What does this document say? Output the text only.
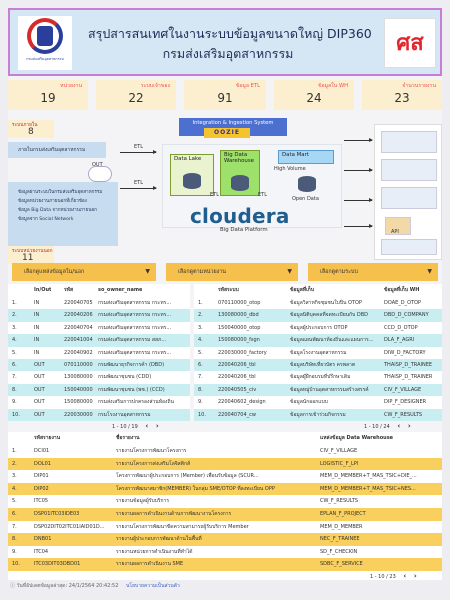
กรมส่งเสริมอุตสาหกรรม
สรุปสารสนเทศในงานระบบข้อมูลขนาดใหญ่ DIP360
กรมส่งเสริมอุตสาหกรรม	ศส
หน่วยงาน
19
ระบบเจ้าของ
22
ข้อมูล ETL
91
ข้อมูลใน WH
24
จำนวนรายงาน
23
ระบบภายใน
8
ภายในกรมส่งเสริมอุตสาหกรรม
OUT
ข้อมูลผ่านระบบในกรมส่งเสริมอุตสาหกรรม
ข้อมูลหน่วยงานภายนอกที่เกี่ยวข้อง
ข้อมูล Big Data จากหน่วยงานภายนอก
ข้อมูลจาก Social Network
ระบบหน่วยงานนอก
11
ETL
ETL
Integration & Ingestion System
OOZIE
Data Lake
Big Data Warehouse
Data Mart
High Volume
Open Data
ETL	ETL
cloudera
Big Data Platform	API
เลือกดูแหล่งข้อมูลใน/นอก	▼	เลือกดูตามหน่วยงาน	▼	เลือกดูตามระบบ	▼
In/Out	รหัส	so_owner_name
1.	IN	220040705	กรมส่งเสริมอุตสาหกรรม กระทร...
2.	IN	220040206	กรมส่งเสริมอุตสาหกรรม กระทร...
3.	IN	220040704	กรมส่งเสริมอุตสาหกรรม กระทร...
4.	IN	220041004	กรมส่งเสริมอุตสาหกรรม สสภ...
5.	IN	220040902	กรมส่งเสริมอุตสาหกรรม กระทร...
6.	OUT	070110000	กรมพัฒนาธุรกิจการค้า (DBD)
7.	OUT	130080000	กรมพัฒนาชุมชน (CDD)
8.	OUT	150040000	กรมพัฒนาชุมชน (พช.) (CCD)
9.	OUT	150080000	กรมส่งเสริมการปกครองส่วนท้องถิ่น
10.	OUT	220030000	กรมโรงงานอุตสาหกรรม
1 - 10 / 19 ‹ ›
รหัสระบบ	ข้อมูลที่เก็บ	ข้อมูลที่เก็บ WH
1.	070110000_otop	ข้อมูลวิสาหกิจชุมชนใบปิ่น OTOP	DOAE_D_OTOP
2.	130080000_dbd	ข้อมูลนิติบุคคลที่จดทะเบียนกับ DBD	DBD_D_COMPANY
3.	150040000_otop	ข้อมูลผู้ประกอบการ OTOP	CCD_D_OTOP
4.	150080000_fsgn	ข้อมูลแผนพัฒนาท้องถิ่นและแผนการ...	DLA_F_AGRI
5.	220030000_factory	ข้อมูลโรงงานอุตสาหกรรม	DIW_D_FACTORY
6.	220040206_tbl	ข้อมูลบริษัทเที่ยวบัตร ครพลาต	THAISP_D_TRAINEE
7.	220040206_tbl	ข้อมูลผู้ฝึกอบรมที่ปรึกษาเดิม	THAISP_D_TRAINER
8.	220040505_civ	ข้อมูลหมู่บ้านอุตสาหกรรมสร้างสรรค์	CIV_F_VILLAGE
9.	220040602_design	ข้อมูลนักออกแบบ	DIP_F_DESIGNER
10.	220040704_cw	ข้อมูลการเข้าร่วมกิจกรรม	CW_F_RESULTS
1 - 10 / 24 ‹ ›
รหัสรายงาน	ชื่อรายงาน	แหล่งข้อมูล Data Warehouse
1.	DCI01	รายงานโครงการพัฒนาโครงการ	CIV_F_VILLAGE
2.	DOL01	รายงานโครงการส่งเสริมโลจิสติกส์	LOGISTIC_F_LPI
3.	DIP01	โครงการพัฒนาผู้ประกอบการ (Member) เพื่อนรับข้อมูล (SCUR...	MEM_D_MEMBER+T_MAS_TSIC+DIE_...
4.	DIP02	โครงการพัฒนาสมาชิก(MEMBER) ในกลุ่ม SME/OTOP ที่ลงทะเบียน OPP	MEM_D_MEMBER+T_MAS_TSIC+NES...
5.	ITC05	รายงานข้อมูลผู้รับบริการ	CW_F_RESULTS
6.	DSP01ITC03IDE03	รายงานผลการดำเนินงานด้านการพัฒนางานโครงการ	EPLAN_F_PROJECT
7.	DSP02DIT02ITC01IAID01D...	รายงานโครงการพัฒนาขีดความสามารถผู้รับบริการ Member	MEM_D_MEMBER
8.	DNB01	รายงานผู้ประกอบการพัฒนาด้านในพื้นที่	NEC_F_TRAINEE
9.	ITC04	รายงานหน่วยการดำเนินงานที่ทำได้	SD_F_CHECKIN
10.	ITC03DIT03DBD01	รายงานผลการดำเนินงาน SME	SDBC_F_SERVICE
1 - 10 / 23 ‹ ›
ⓘ วันที่อัปเดตข้อมูลล่าสุด: 24/1/2564 20:42:52 นโยบายความเป็นส่วนตัว
